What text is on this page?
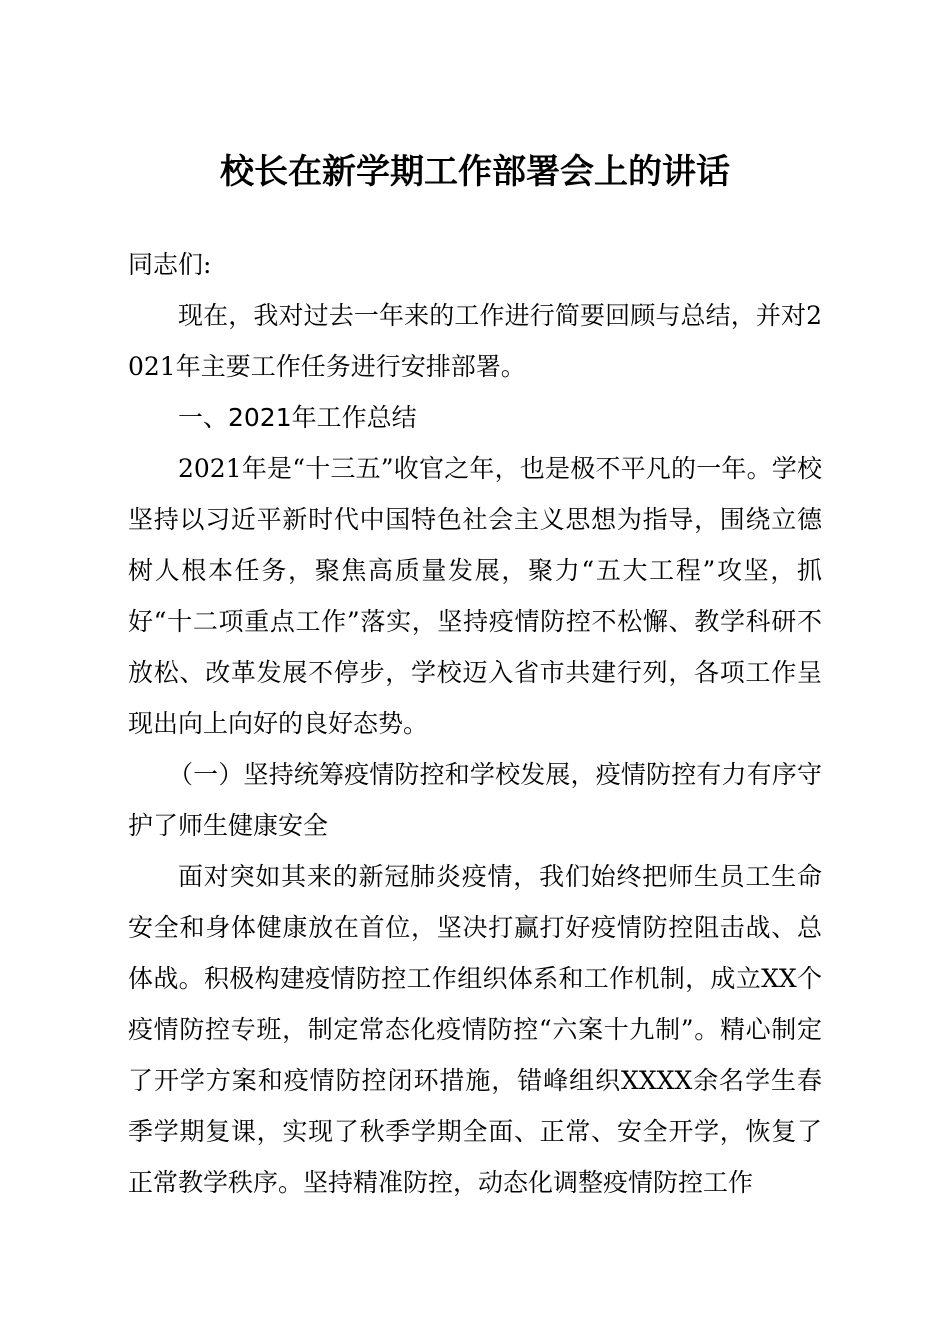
校长在新学期工作部署会上的讲话

同志们:

现在，我对过去一年来的工作进行简要回顾与总结，并对2021年主要工作任务进行安排部署。

一、2021年工作总结

2021年是“十三五”收官之年，也是极不平凡的一年。学校坚持以习近平新时代中国特色社会主义思想为指导，围绕立德树人根本任务，聚焦高质量发展，聚力“五大工程”攻坚，抓好“十二项重点工作”落实，坚持疫情防控不松懈、教学科研不放松、改革发展不停步，学校迈入省市共建行列，各项工作呈现出向上向好的良好态势。

（一）坚持统筹疫情防控和学校发展，疫情防控有力有序守护了师生健康安全

面对突如其来的新冠肺炎疫情，我们始终把师生员工生命安全和身体健康放在首位，坚决打赢打好疫情防控阻击战、总体战。积极构建疫情防控工作组织体系和工作机制，成立XX个疫情防控专班，制定常态化疫情防控“六案十九制”。精心制定了开学方案和疫情防控闭环措施，错峰组织XXXX余名学生春季学期复课，实现了秋季学期全面、正常、安全开学，恢复了正常教学秩序。坚持精准防控，动态化调整疫情防控工作
